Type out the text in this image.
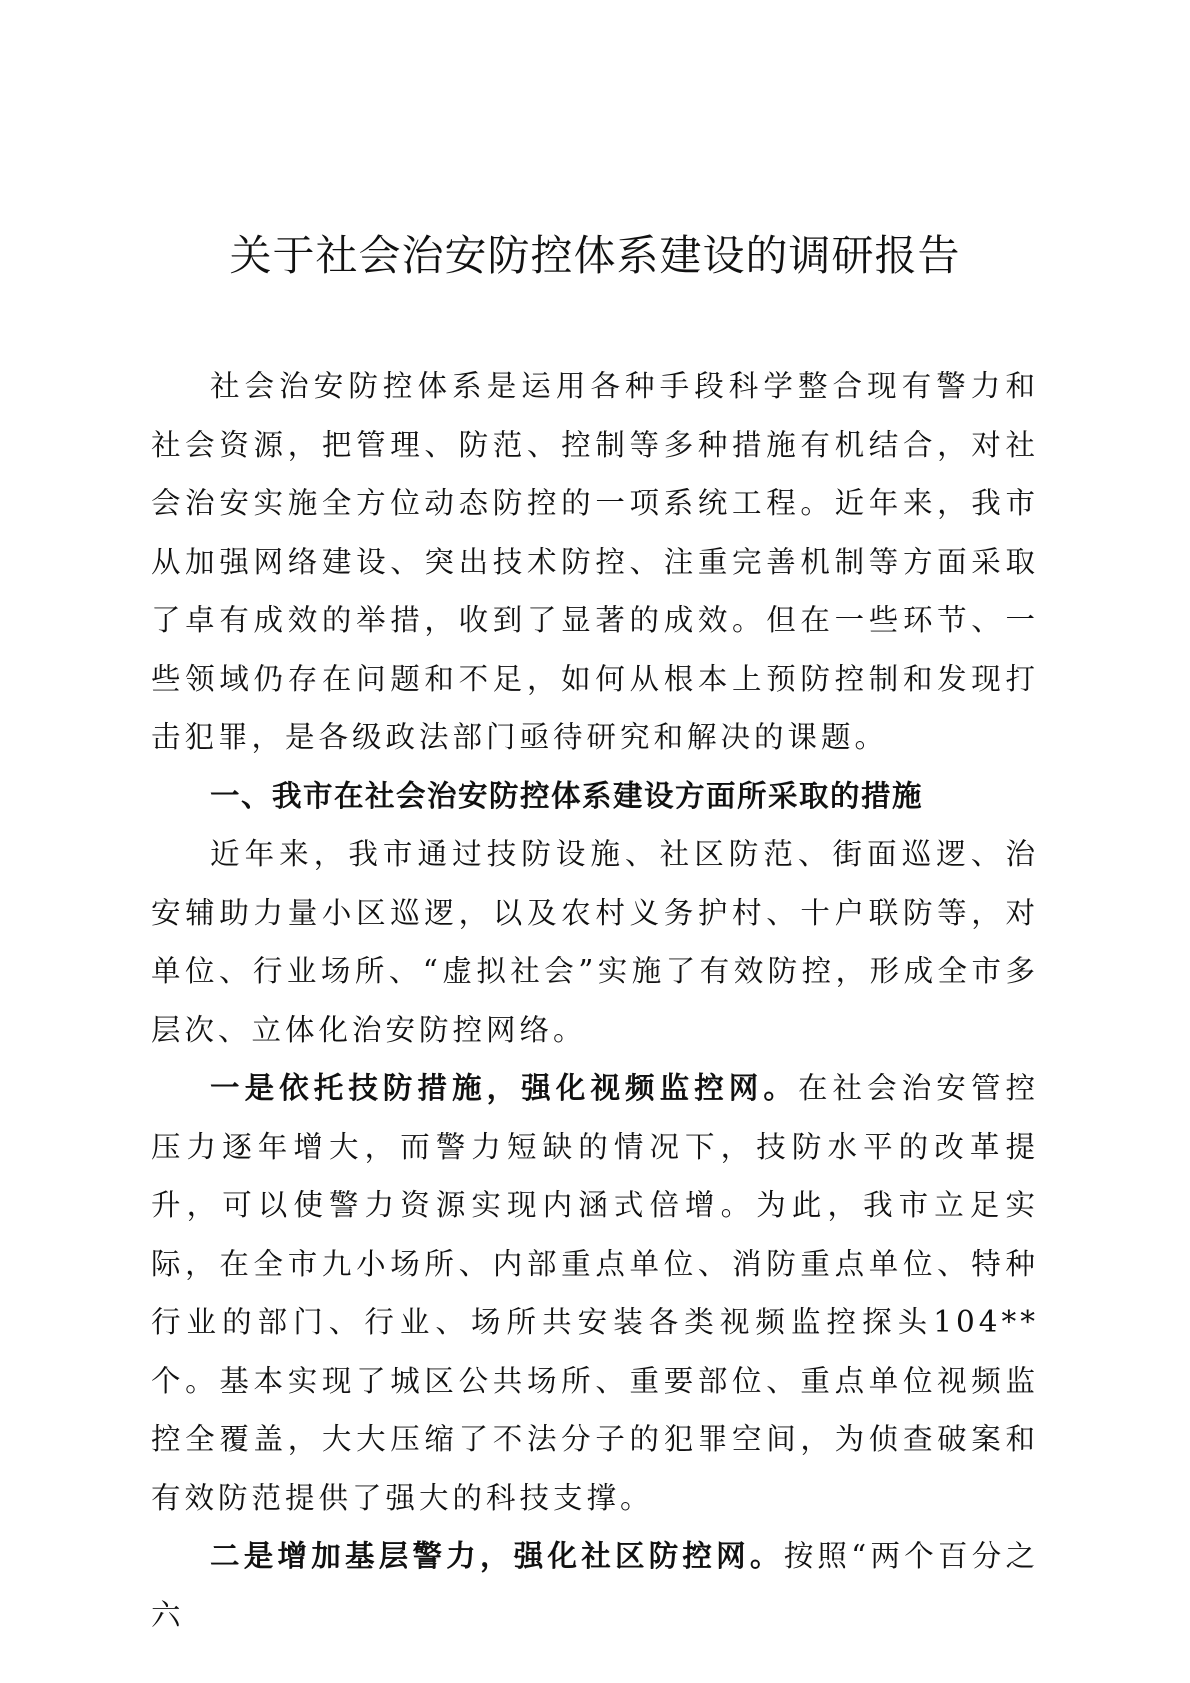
关于社会治安防控体系建设的调研报告

社会治安防控体系是运用各种手段科学整合现有警力和社会资源，把管理、防范、控制等多种措施有机结合，对社会治安实施全方位动态防控的一项系统工程。近年来，我市从加强网络建设、突出技术防控、注重完善机制等方面采取了卓有成效的举措，收到了显著的成效。但在一些环节、一些领域仍存在问题和不足，如何从根本上预防控制和发现打击犯罪，是各级政法部门亟待研究和解决的课题。

一、我市在社会治安防控体系建设方面所采取的措施

近年来，我市通过技防设施、社区防范、街面巡逻、治安辅助力量小区巡逻，以及农村义务护村、十户联防等，对单位、行业场所、“虚拟社会”实施了有效防控，形成全市多层次、立体化治安防控网络。

一是依托技防措施，强化视频监控网。在社会治安管控压力逐年增大，而警力短缺的情况下，技防水平的改革提升，可以使警力资源实现内涵式倍增。为此，我市立足实际，在全市九小场所、内部重点单位、消防重点单位、特种行业的部门、行业、场所共安装各类视频监控探头104**个。基本实现了城区公共场所、重要部位、重点单位视频监控全覆盖，大大压缩了不法分子的犯罪空间，为侦查破案和有效防范提供了强大的科技支撑。

二是增加基层警力，强化社区防控网。按照“两个百分之六
